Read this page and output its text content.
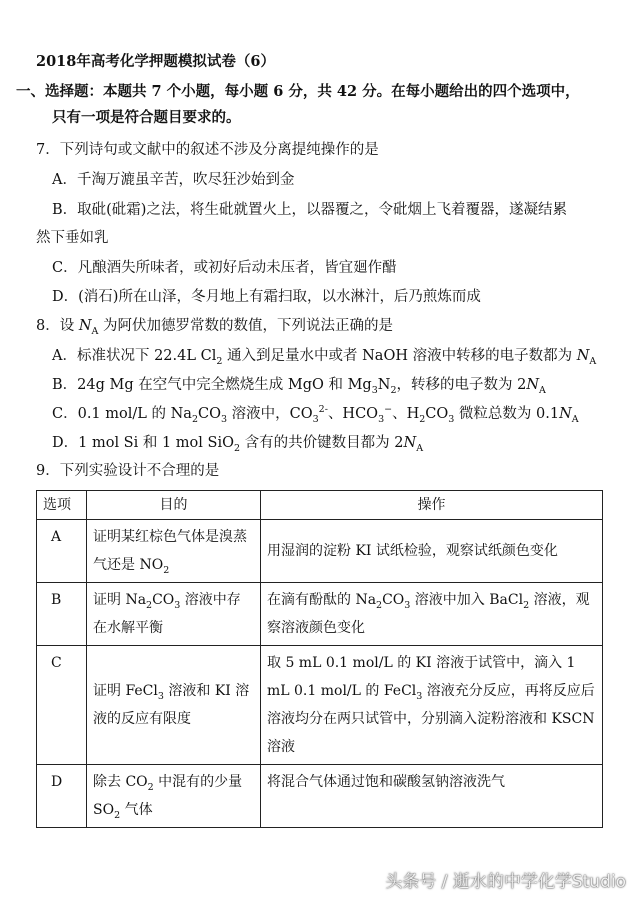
2018年高考化学押题模拟试卷（6）
一、选择题：本题共 7 个小题，每小题 6 分，共 42 分。在每小题给出的四个选项中，
只有一项是符合题目要求的。
7．下列诗句或文献中的叙述不涉及分离提纯操作的是
A．千淘万漉虽辛苦，吹尽狂沙始到金
B．取砒(砒霜)之法，将生砒就置火上，以器覆之，令砒烟上飞着覆器，遂凝结累
然下垂如乳
C．凡酿酒失所味者，或初好后动未压者，皆宜廻作醋
D．(消石)所在山泽，冬月地上有霜扫取，以水淋汁，后乃煎炼而成
8．设 $N_A$ 为阿伏加德罗常数的数值，下列说法正确的是
A．标准状况下 22.4L $Cl_2$ 通入到足量水中或者 NaOH 溶液中转移的电子数都为 $N_A$
B．24g Mg 在空气中完全燃烧生成 MgO 和 $Mg_3N_2$，转移的电子数为 $2N_A$
C．0.1 mol/L 的 $Na_2CO_3$ 溶液中，$CO_3^{2-}$、$HCO_3^-$、$H_2CO_3$ 微粒总数为 $0.1N_A$
D．1 mol Si 和 1 mol SiO$_2$ 含有的共价键数目都为 $2N_A$
9．下列实验设计不合理的是
选项	目的	操作
A	证明某红棕色气体是溴蒸气还是 $NO_2$	用湿润的淀粉 KI 试纸检验，观察试纸颜色变化
B	证明 $Na_2CO_3$ 溶液中存在水解平衡	在滴有酚酞的 $Na_2CO_3$ 溶液中加入 BaCl$_2$ 溶液，观察溶液颜色变化
C	证明 FeCl$_3$ 溶液和 KI 溶液的反应有限度	取 5 mL 0.1 mol/L 的 KI 溶液于试管中，滴入 1 mL 0.1 mol/L 的 FeCl$_3$ 溶液充分反应，再将反应后溶液均分在两只试管中，分别滴入淀粉溶液和 KSCN 溶液
D	除去 $CO_2$ 中混有的少量 $SO_2$ 气体	将混合气体通过饱和碳酸氢钠溶液洗气
头条号 / 逝水的中学化学Studio
